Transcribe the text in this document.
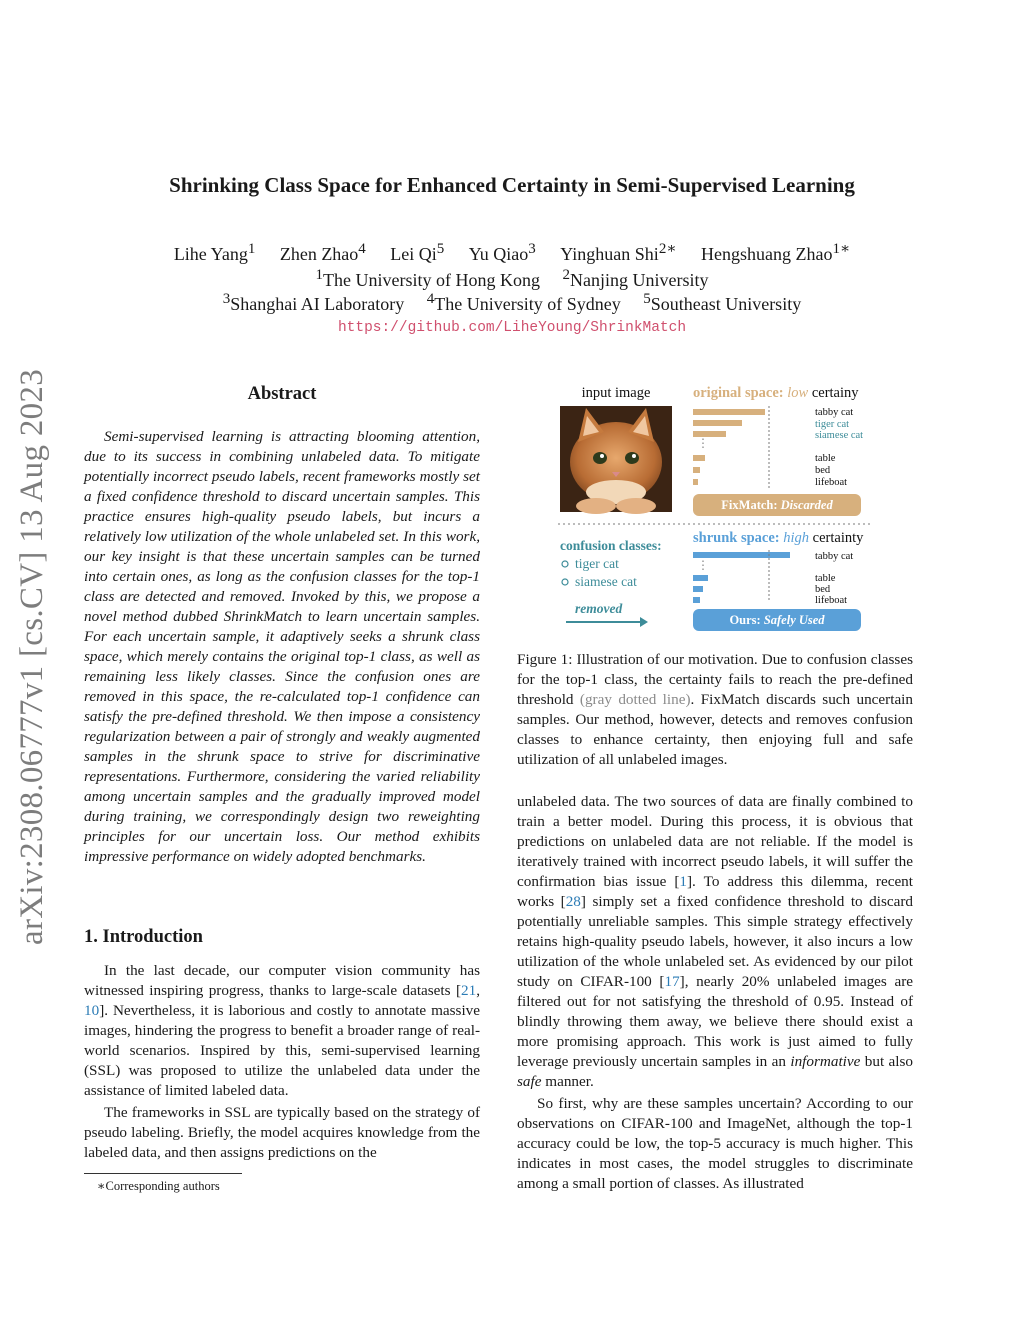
Shrinking Class Space for Enhanced Certainty in Semi-Supervised Learning
Lihe Yang$^1$ Zhen Zhao$^4$ Lei Qi$^5$ Yu Qiao$^3$ Yinghuan Shi$^{2∗}$ Hengshuang Zhao$^{1∗}$
$^1$The University of Hong Kong $^2$Nanjing University
$^3$Shanghai AI Laboratory $^4$The University of Sydney $^5$Southeast University
https://github.com/LiheYoung/ShrinkMatch
arXiv:2308.06777v1 [cs.CV] 13 Aug 2023	Abstract

Semi-supervised learning is attracting blooming attention, due to its success in combining unlabeled data. To mitigate potentially incorrect pseudo labels, recent frameworks mostly set a fixed confidence threshold to discard uncertain samples. This practice ensures high-quality pseudo labels, but incurs a relatively low utilization of the whole unlabeled set. In this work, our key insight is that these uncertain samples can be turned into certain ones, as long as the confusion classes for the top-1 class are detected and removed. Invoked by this, we propose a novel method dubbed ShrinkMatch to learn uncertain samples. For each uncertain sample, it adaptively seeks a shrunk class space, which merely contains the original top-1 class, as well as remaining less likely classes. Since the confusion ones are removed in this space, the re-calculated top-1 confidence can satisfy the pre-defined threshold. We then impose a consistency regularization between a pair of strongly and weakly augmented samples in the shrunk space to strive for discriminative representations. Furthermore, considering the varied reliability among uncertain samples and the gradually improved model during training, we correspondingly design two reweighting principles for our uncertain loss. Our method exhibits impressive performance on widely adopted benchmarks.

1. Introduction

In the last decade, our computer vision community has witnessed inspiring progress, thanks to large-scale datasets [21, 10]. Nevertheless, it is laborious and costly to annotate massive images, hindering the progress to benefit a broader range of real-world scenarios. Inspired by this, semi-supervised learning (SSL) was proposed to utilize the unlabeled data under the assistance of limited labeled data.

The frameworks in SSL are typically based on the strategy of pseudo labeling. Briefly, the model acquires knowledge from the labeled data, and then assigns predictions on the

∗Corresponding authors
input image	original space: low certainy
⋮
tabby cat
tiger cat
siamese cat
table
bed
lifeboat
FixMatch: Discarded
confusion classes:
tiger cat
siamese cat
removed
shrunk space: high certainty
⋮
tabby cat
table
bed
lifeboat
Ours: Safely Used
Figure 1: Illustration of our motivation. Due to confusion classes for the top-1 class, the certainty fails to reach the pre-defined threshold (gray dotted line). FixMatch discards such uncertain samples. Our method, however, detects and removes confusion classes to enhance certainty, then enjoying full and safe utilization of all unlabeled images.

unlabeled data. The two sources of data are finally combined to train a better model. During this process, it is obvious that predictions on unlabeled data are not reliable. If the model is iteratively trained with incorrect pseudo labels, it will suffer the confirmation bias issue [1]. To address this dilemma, recent works [28] simply set a fixed confidence threshold to discard potentially unreliable samples. This simple strategy effectively retains high-quality pseudo labels, however, it also incurs a low utilization of the whole unlabeled set. As evidenced by our pilot study on CIFAR-100 [17], nearly 20% unlabeled images are filtered out for not satisfying the threshold of 0.95. Instead of blindly throwing them away, we believe there should exist a more promising approach. This work is just aimed to fully leverage previously uncertain samples in an informative but also safe manner.

So first, why are these samples uncertain? According to our observations on CIFAR-100 and ImageNet, although the top-1 accuracy could be low, the top-5 accuracy is much higher. This indicates in most cases, the model struggles to discriminate among a small portion of classes. As illustrated
